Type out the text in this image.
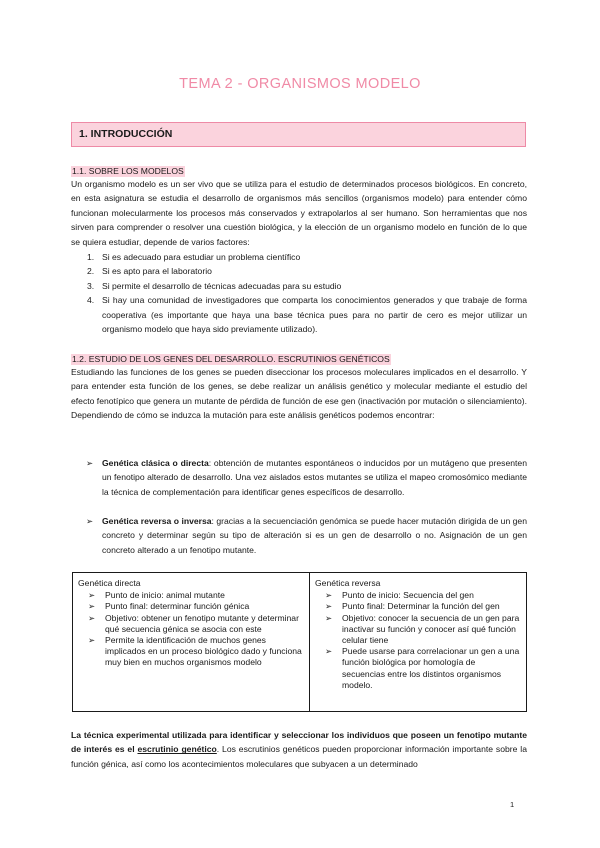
TEMA 2 - ORGANISMOS MODELO
1. INTRODUCCIÓN
1.1. SOBRE LOS MODELOS
Un organismo modelo es un ser vivo que se utiliza para el estudio de determinados procesos biológicos. En concreto, en esta asignatura se estudia el desarrollo de organismos más sencillos (organismos modelo) para entender cómo funcionan molecularmente los procesos más conservados y extrapolarlos al ser humano. Son herramientas que nos sirven para comprender o resolver una cuestión biológica, y la elección de un organismo modelo en función de lo que se quiera estudiar, depende de varios factores:
1. Si es adecuado para estudiar un problema científico
2. Si es apto para el laboratorio
3. Si permite el desarrollo de técnicas adecuadas para su estudio
4. Si hay una comunidad de investigadores que comparta los conocimientos generados y que trabaje de forma cooperativa (es importante que haya una base técnica pues para no partir de cero es mejor utilizar un organismo modelo que haya sido previamente utilizado).
1.2. ESTUDIO DE LOS GENES DEL DESARROLLO. ESCRUTINIOS GENÉTICOS
Estudiando las funciones de los genes se pueden diseccionar los procesos moleculares implicados en el desarrollo. Y para entender esta función de los genes, se debe realizar un análisis genético y molecular mediante el estudio del efecto fenotípico que genera un mutante de pérdida de función de ese gen (inactivación por mutación o silenciamiento). Dependiendo de cómo se induzca la mutación para este análisis genéticos podemos encontrar:
➢	Genética clásica o directa: obtención de mutantes espontáneos o inducidos por un mutágeno que presenten un fenotipo alterado de desarrollo. Una vez aislados estos mutantes se utiliza el mapeo cromosómico mediante la técnica de complementación para identificar genes específicos de desarrollo.
➢	Genética reversa o inversa: gracias a la secuenciación genómica se puede hacer mutación dirigida de un gen concreto y determinar según su tipo de alteración si es un gen de desarrollo o no. Asignación de un gen concreto alterado a un fenotipo mutante.
Genética directa
➢ Punto de inicio: animal mutante
➢ Punto final: determinar función génica
➢ Objetivo: obtener un fenotipo mutante y determinar qué secuencia génica se asocia con este
➢ Permite la identificación de muchos genes implicados en un proceso biológico dado y funciona muy bien en muchos organismos modelo
Genética reversa
➢ Punto de inicio: Secuencia del gen
➢ Punto final: Determinar la función del gen
➢ Objetivo: conocer la secuencia de un gen para inactivar su función y conocer así qué función celular tiene
➢ Puede usarse para correlacionar un gen a una función biológica por homología de secuencias entre los distintos organismos modelo.
La técnica experimental utilizada para identificar y seleccionar los individuos que poseen un fenotipo mutante de interés es el escrutinio genético. Los escrutinios genéticos pueden proporcionar información importante sobre la función génica, así como los acontecimientos moleculares que subyacen a un determinado
1
